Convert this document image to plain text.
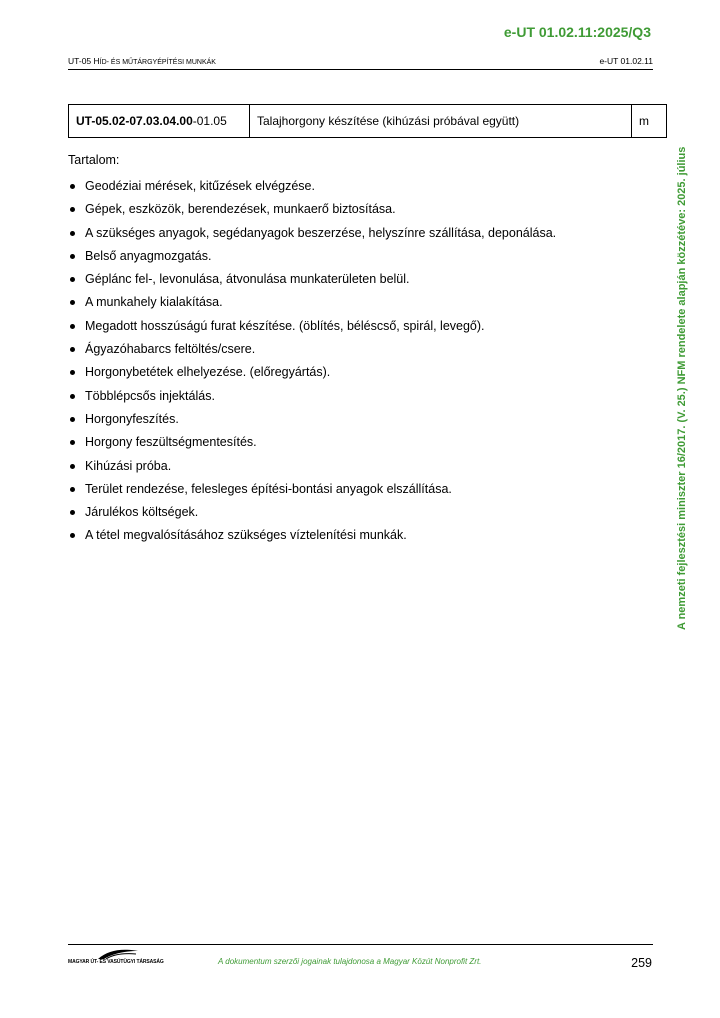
e-UT 01.02.11:2025/Q3
UT-05 HÍD- ÉS MŰTÁRGYÉPÍTÉSI MUNKÁK	e-UT 01.02.11
A nemzeti fejlesztési miniszter 16/2017. (V. 25.) NFM rendelete alapján közzétéve: 2025. július
UT-05.02-07.03.04.00-01.05	Talajhorgony készítése (kihúzási próbával együtt)	m
Tartalom:
Geodéziai mérések, kitűzések elvégzése.
Gépek, eszközök, berendezések, munkaerő biztosítása.
A szükséges anyagok, segédanyagok beszerzése, helyszínre szállítása, deponálása.
Belső anyagmozgatás.
Géplánc fel-, levonulása, átvonulása munkaterületen belül.
A munkahely kialakítása.
Megadott hosszúságú furat készítése. (öblítés, béléscső, spirál, levegő).
Ágyazóhabarcs feltöltés/csere.
Horgonybetétek elhelyezése. (előregyártás).
Többlépcsős injektálás.
Horgonyfeszítés.
Horgony feszültségmentesítés.
Kihúzási próba.
Terület rendezése, felesleges építési-bontási anyagok elszállítása.
Járulékos költségek.
A tétel megvalósításához szükséges víztelenítési munkák.
MAGYAR ÚT- ÉS VASÚTÜGYI TÁRSASÁG	A dokumentum szerzői jogainak tulajdonosa a Magyar Közút Nonprofit Zrt.	259
